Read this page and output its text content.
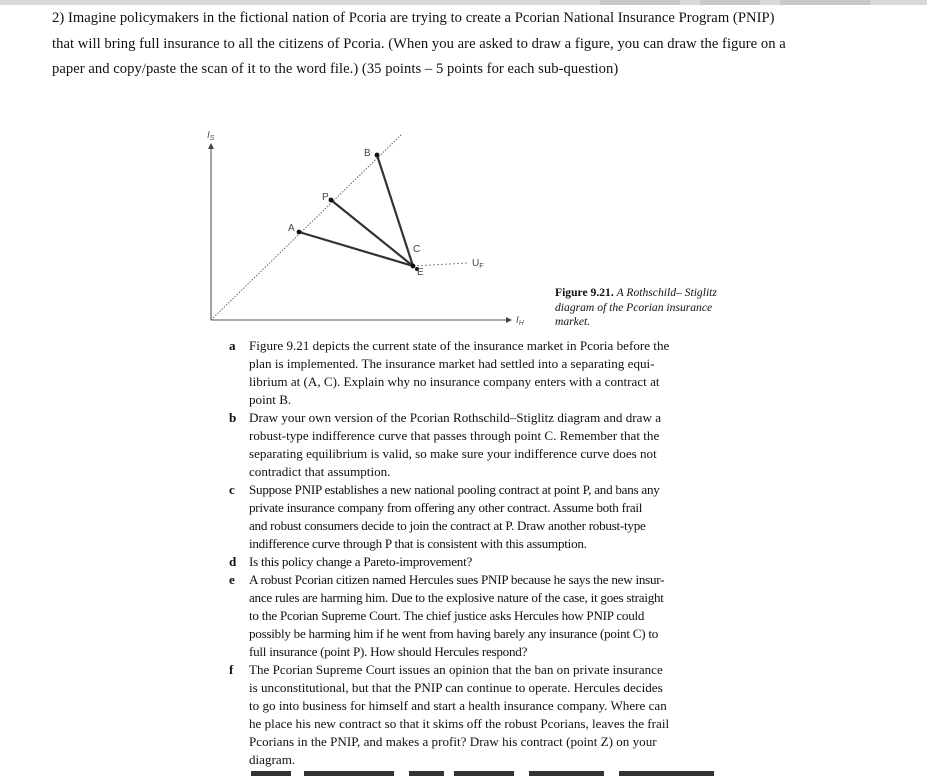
2) Imagine policymakers in the fictional nation of Pcoria are trying to create a Pcorian National Insurance Program (PNIP)
that will bring full insurance to all the citizens of Pcoria. (When you are asked to draw a figure, you can draw the figure on a
paper and copy/paste the scan of it to the word file.) (35 points – 5 points for each sub-question)
$I_S$
$I_H$
A
P
B
C
E
$U_F$
Figure 9.21. A Rothschild– Stiglitz diagram of the Pcorian insurance market.
a Figure 9.21 depicts the current state of the insurance market in Pcoria before the
plan is implemented. The insurance market had settled into a separating equi-
librium at (A, C). Explain why no insurance company enters with a contract at
point B.
b Draw your own version of the Pcorian Rothschild–Stiglitz diagram and draw a
robust-type indifference curve that passes through point C. Remember that the
separating equilibrium is valid, so make sure your indifference curve does not
contradict that assumption.
c Suppose PNIP establishes a new national pooling contract at point P, and bans any
private insurance company from offering any other contract. Assume both frail
and robust consumers decide to join the contract at P. Draw another robust-type
indifference curve through P that is consistent with this assumption.
d Is this policy change a Pareto-improvement?
e A robust Pcorian citizen named Hercules sues PNIP because he says the new insur-
ance rules are harming him. Due to the explosive nature of the case, it goes straight
to the Pcorian Supreme Court. The chief justice asks Hercules how PNIP could
possibly be harming him if he went from having barely any insurance (point C) to
full insurance (point P). How should Hercules respond?
f The Pcorian Supreme Court issues an opinion that the ban on private insurance
is unconstitutional, but that the PNIP can continue to operate. Hercules decides
to go into business for himself and start a health insurance company. Where can
he place his new contract so that it skims off the robust Pcorians, leaves the frail
Pcorians in the PNIP, and makes a profit? Draw his contract (point Z) on your
diagram.
